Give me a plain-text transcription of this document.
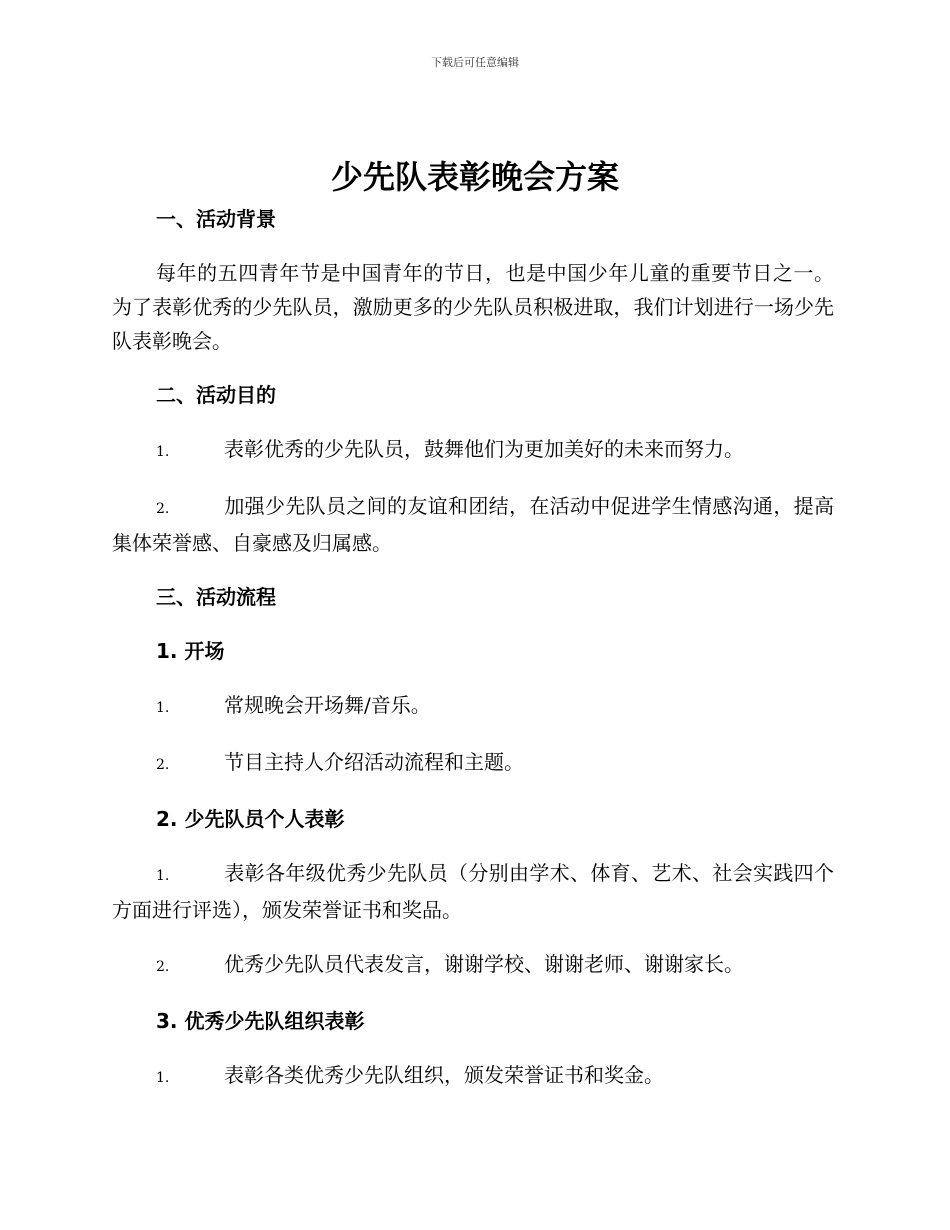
下载后可任意编辑
少先队表彰晚会方案
一、活动背景
每年的五四青年节是中国青年的节日，也是中国少年儿童的重要节日之一。为了表彰优秀的少先队员，激励更多的少先队员积极进取，我们计划进行一场少先队表彰晚会。
二、活动目的
1.	表彰优秀的少先队员，鼓舞他们为更加美好的未来而努力。
2.	加强少先队员之间的友谊和团结，在活动中促进学生情感沟通，提高集体荣誉感、自豪感及归属感。
三、活动流程
1. 开场
1.	常规晚会开场舞/音乐。
2.	节目主持人介绍活动流程和主题。
2. 少先队员个人表彰
1.	表彰各年级优秀少先队员（分别由学术、体育、艺术、社会实践四个方面进行评选），颁发荣誉证书和奖品。
2.	优秀少先队员代表发言，谢谢学校、谢谢老师、谢谢家长。
3. 优秀少先队组织表彰
1.	表彰各类优秀少先队组织，颁发荣誉证书和奖金。
